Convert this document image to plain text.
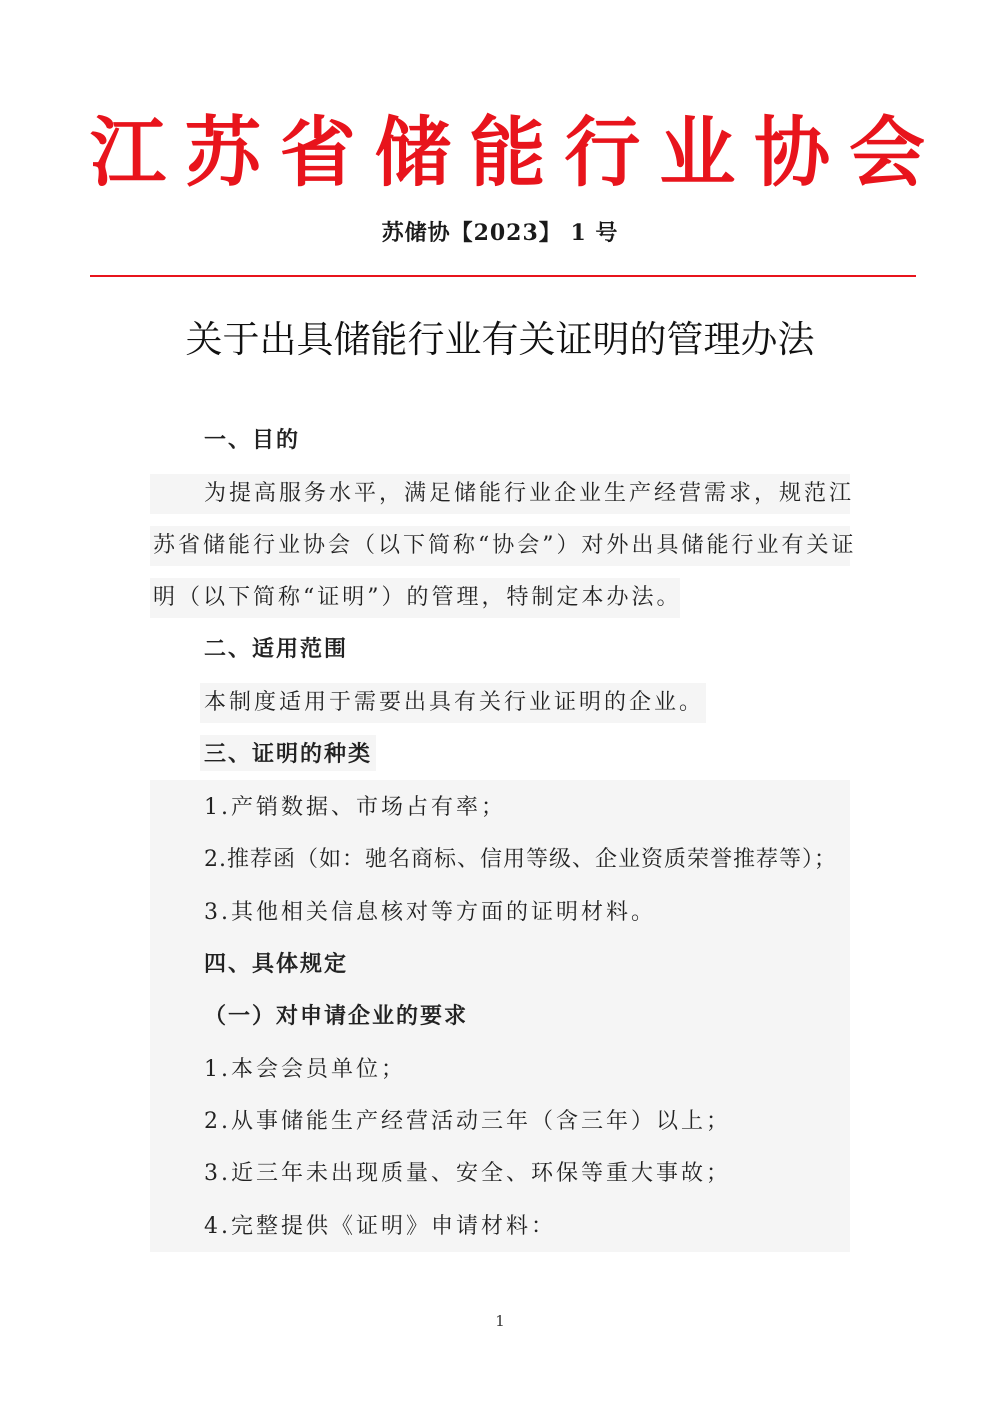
江 苏 省 储 能 行 业 协 会
苏储协【2023】 1 号
关于出具储能行业有关证明的管理办法
一、目的
为提高服务水平，满足储能行业企业生产经营需求，规范江
苏省储能行业协会（以下简称“协会”）对外出具储能行业有关证
明（以下简称“证明”）的管理，特制定本办法。
二、适用范围
本制度适用于需要出具有关行业证明的企业。
三、证明的种类
1.产销数据、市场占有率；
2.推荐函（如：驰名商标、信用等级、企业资质荣誉推荐等）；
3.其他相关信息核对等方面的证明材料。
四、具体规定
（一）对申请企业的要求
1.本会会员单位；
2.从事储能生产经营活动三年（含三年）以上；
3.近三年未出现质量、安全、环保等重大事故；
4.完整提供《证明》申请材料：
1
